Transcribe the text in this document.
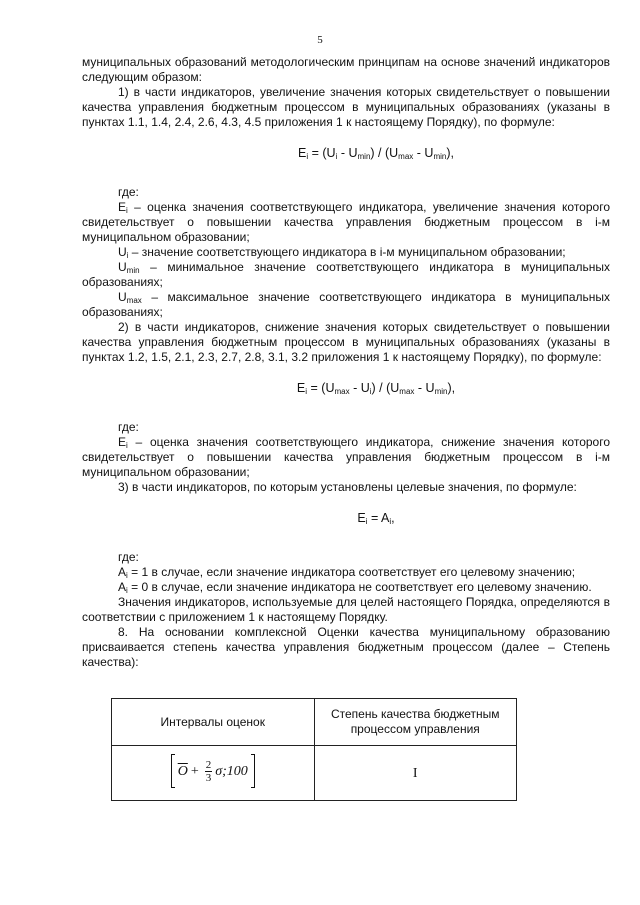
5

муниципальных образований методологическим принципам на основе значений индикаторов следующим образом:

1) в части индикаторов, увеличение значения которых свидетельствует о повышении качества управления бюджетным процессом в муниципальных образованиях (указаны в пунктах 1.1, 1.4, 2.4, 2.6, 4.3, 4.5 приложения 1 к настоящему Порядку), по формуле:

$E_i = (U_i - U_{min}) / (U_{max} - U_{min})$,

где:

$E_i$ – оценка значения соответствующего индикатора, увеличение значения которого свидетельствует о повышении качества управления бюджетным процессом в i-м муниципальном образовании;

$U_i$ – значение соответствующего индикатора в i-м муниципальном образовании;

$U_{min}$ – минимальное значение соответствующего индикатора в муниципальных образованиях;

$U_{max}$ – максимальное значение соответствующего индикатора в муниципальных образованиях;

2) в части индикаторов, снижение значения которых свидетельствует о повышении качества управления бюджетным процессом в муниципальных образованиях (указаны в пунктах 1.2, 1.5, 2.1, 2.3, 2.7, 2.8, 3.1, 3.2 приложения 1 к настоящему Порядку), по формуле:

$E_i = (U_{max} - U_i) / (U_{max} - U_{min})$,

где:

$E_i$ – оценка значения соответствующего индикатора, снижение значения которого свидетельствует о повышении качества управления бюджетным процессом в i-м муниципальном образовании;

3) в части индикаторов, по которым установлены целевые значения, по формуле:

$E_i = A_i$,

где:

$A_i = 1$ в случае, если значение индикатора соответствует его целевому значению;

$A_i = 0$ в случае, если значение индикатора не соответствует его целевому значению.

Значения индикаторов, используемые для целей настоящего Порядка, определяются в соответствии с приложением 1 к настоящему Порядку.

8. На основании комплексной Оценки качества муниципальному образованию присваивается степень качества управления бюджетным процессом (далее – Степень качества):

Интервалы оценок	Степень качества бюджетным процессом управления

$\overline{O} + \frac{2}{3}$ σ;100	I
